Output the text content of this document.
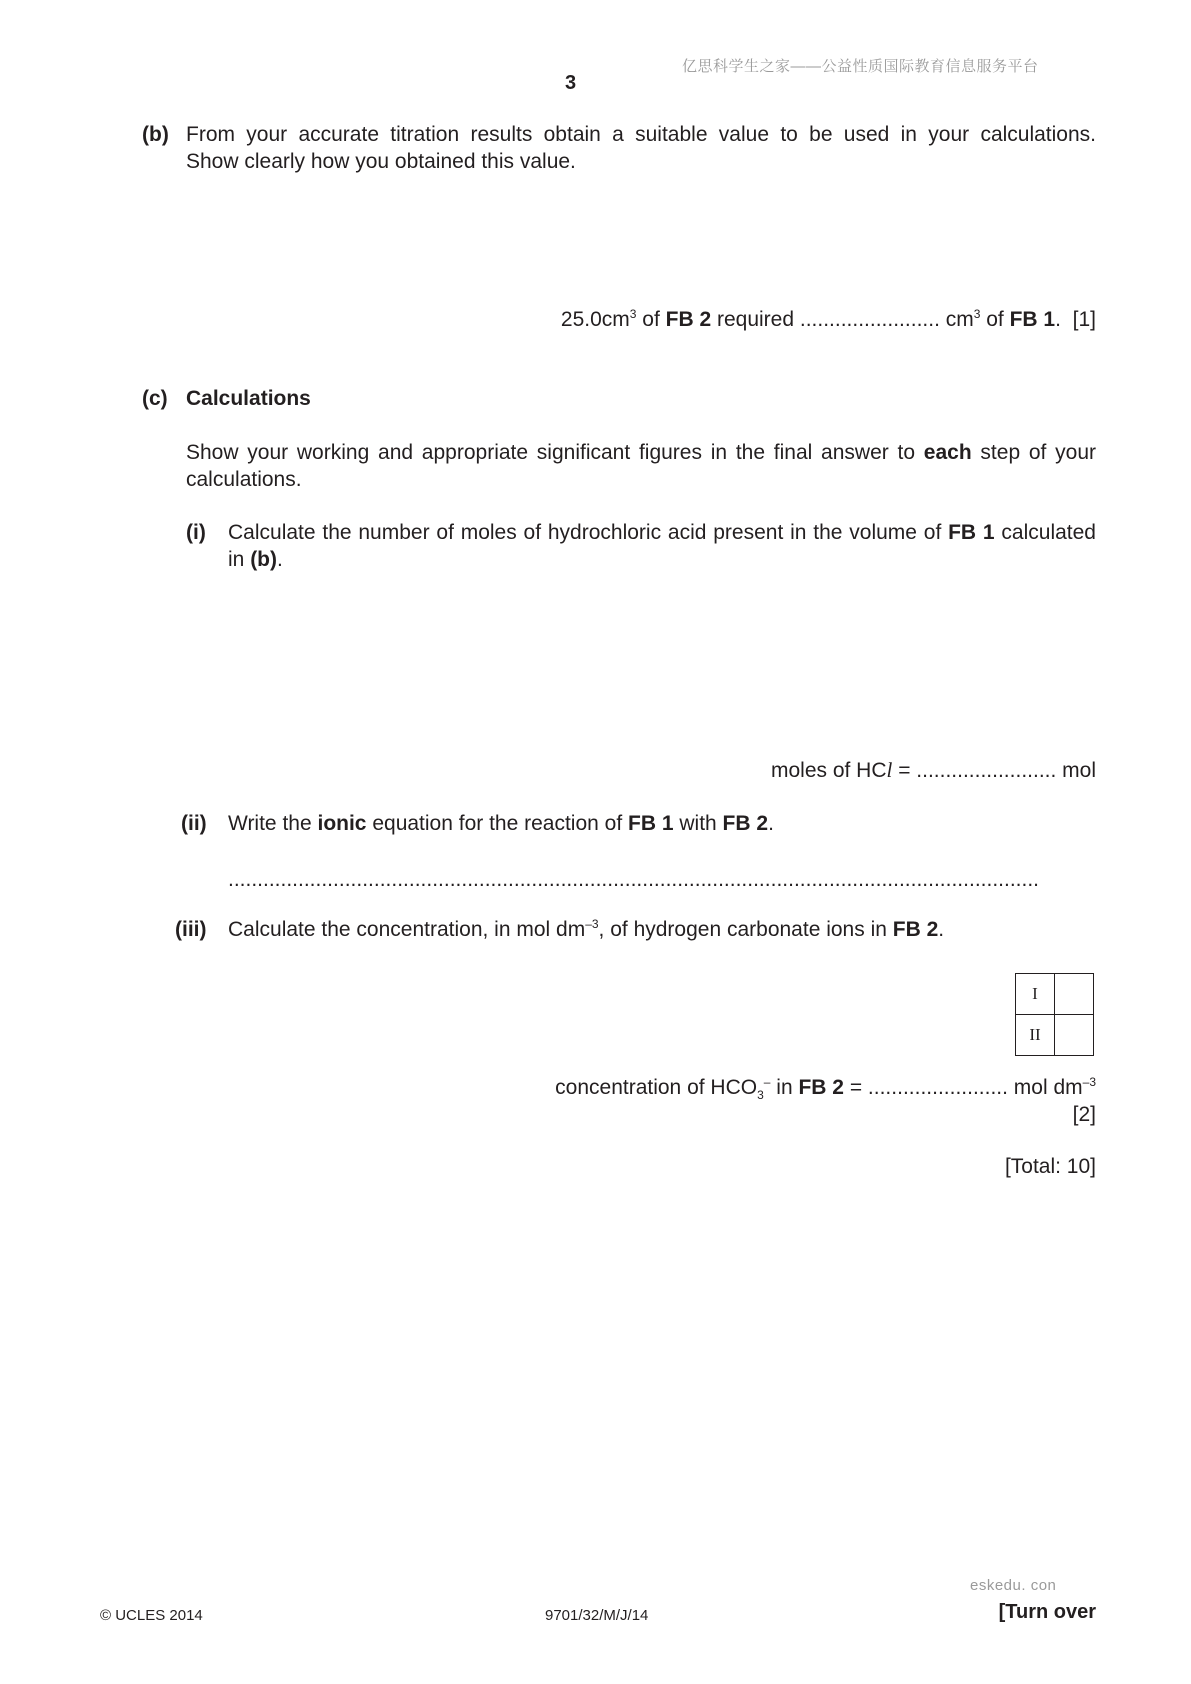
亿思科学生之家——公益性质国际教育信息服务平台
3
(b) From your accurate titration results obtain a suitable value to be used in your calculations.
Show clearly how you obtained this value.
$25.0cm^3$ of FB 2 required ........................ $cm^3$ of FB 1. [1]
(c) Calculations
Show your working and appropriate significant figures in the final answer to each step of your
calculations.
(i) Calculate the number of moles of hydrochloric acid present in the volume of FB 1 calculated
in (b).
moles of HCl = ........................ mol
(ii) Write the ionic equation for the reaction of FB 1 with FB 2.
...........................................................................................................................................
(iii) Calculate the concentration, in mol $dm^{-3}$, of hydrogen carbonate ions in FB 2.
I	
II	
concentration of $HCO_3^-$ in FB 2 = ........................ mol $dm^{-3}$
[2]
[Total: 10]
eskedu. con
© UCLES 2014	9701/32/M/J/14	[Turn over
